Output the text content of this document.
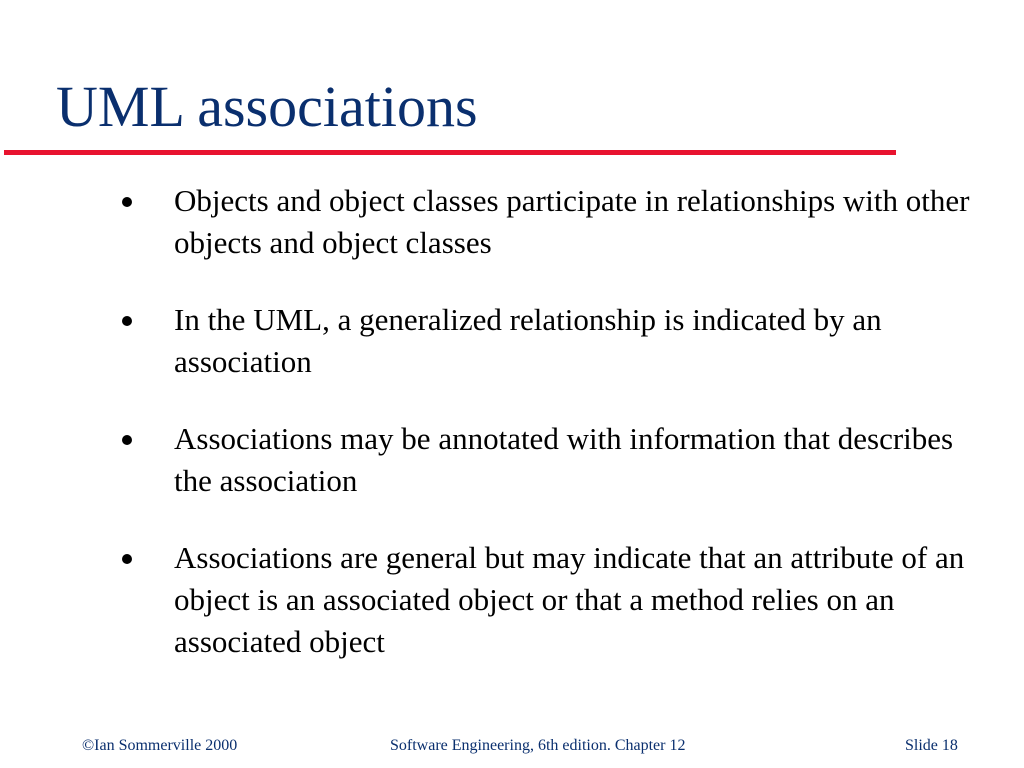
UML associations
Objects and object classes participate in relationships with other objects and object classes
In the UML, a generalized relationship is indicated by an association
Associations may be annotated with information that describes the association
Associations are general but may indicate that an attribute of an object is an associated object or that a method relies on an associated object
©Ian Sommerville 2000	Software Engineering, 6th edition. Chapter 12	Slide 18
